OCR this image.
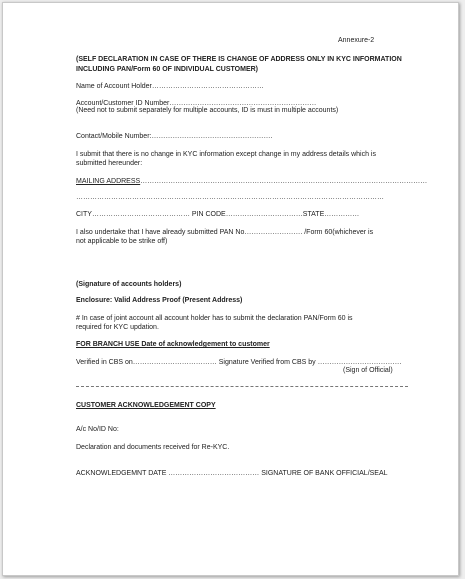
Annexure-2
(SELF DECLARATION IN CASE OF THERE IS CHANGE OF ADDRESS ONLY IN KYC INFORMATION
INCLUDING PAN/Form 60 OF INDIVIDUAL CUSTOMER)
Name of Account Holder…………………………………………
Account/Customer ID Number………………………………………………………
(Need not to submit separately for multiple accounts, ID is must in multiple accounts)
Contact/Mobile Number:…………………………………………….
I submit that there is no change in KYC information except change in my address details which is
submitted hereunder:
MAILING ADDRESS……………………………………………………………………………………………………………
……………………………………………………………………………………………………………………
CITY…………………………………… PIN CODE……………………………STATE……………
I also undertake that I have already submitted PAN No……………………. /Form 60(whichever is
not applicable to be strike off)
(Signature of accounts holders)
Enclosure: Valid Address Proof (Present Address)
# In case of joint account all account holder has to submit the declaration PAN/Form 60 is
required for KYC updation.
FOR BRANCH USE Date of acknowledgement to customer
Verified in CBS on……………………………… Signature Verified from CBS by ………………………………
(Sign of Official)
CUSTOMER ACKNOWLEDGEMENT COPY
A/c No/ID No:
Declaration and documents received for Re-KYC.
ACKNOWLEDGEMNT DATE ………………………………… SIGNATURE OF BANK OFFICIAL/SEAL
